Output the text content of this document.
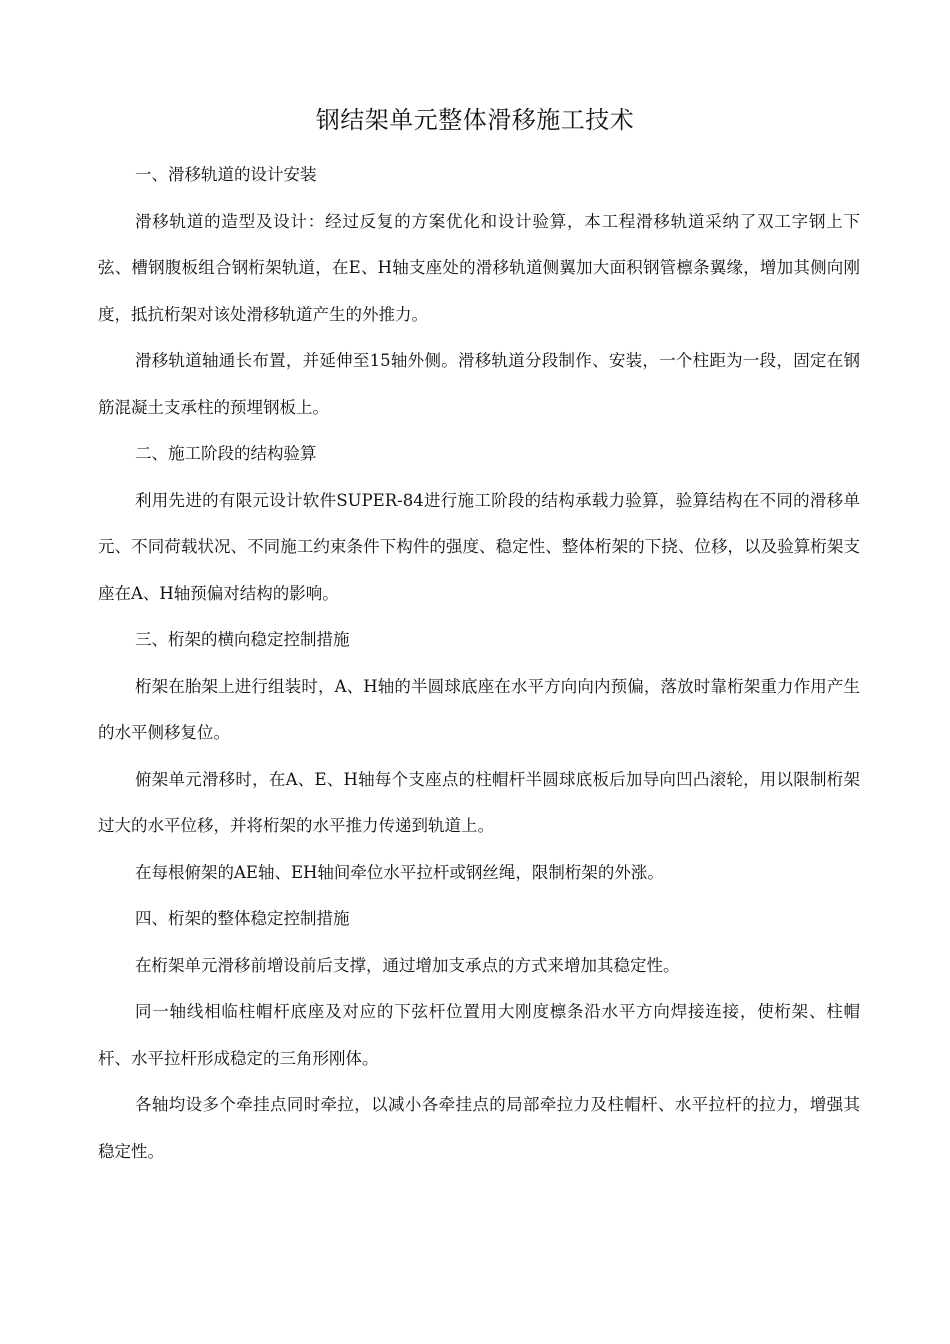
钢结架单元整体滑移施工技术

一、滑移轨道的设计安装

滑移轨道的造型及设计：经过反复的方案优化和设计验算，本工程滑移轨道采纳了双工字钢上下弦、槽钢腹板组合钢桁架轨道，在E、H轴支座处的滑移轨道侧翼加大面积钢管檩条翼缘，增加其侧向刚度，抵抗桁架对该处滑移轨道产生的外推力。

滑移轨道轴通长布置，并延伸至15轴外侧。滑移轨道分段制作、安装，一个柱距为一段，固定在钢筋混凝土支承柱的预埋钢板上。

二、施工阶段的结构验算

利用先进的有限元设计软件SUPER-84进行施工阶段的结构承载力验算，验算结构在不同的滑移单元、不同荷载状况、不同施工约束条件下构件的强度、稳定性、整体桁架的下挠、位移，以及验算桁架支座在A、H轴预偏对结构的影响。

三、桁架的横向稳定控制措施

桁架在胎架上进行组装时，A、H轴的半圆球底座在水平方向向内预偏，落放时靠桁架重力作用产生的水平侧移复位。

俯架单元滑移时，在A、E、H轴每个支座点的柱帽杆半圆球底板后加导向凹凸滚轮，用以限制桁架过大的水平位移，并将桁架的水平推力传递到轨道上。

在每根俯架的AE轴、EH轴间牵位水平拉杆或钢丝绳，限制桁架的外涨。

四、桁架的整体稳定控制措施

在桁架单元滑移前增设前后支撑，通过增加支承点的方式来增加其稳定性。

同一轴线相临柱帽杆底座及对应的下弦杆位置用大刚度檩条沿水平方向焊接连接，使桁架、柱帽杆、水平拉杆形成稳定的三角形刚体。

各轴均设多个牵挂点同时牵拉，以减小各牵挂点的局部牵拉力及柱帽杆、水平拉杆的拉力，增强其稳定性。
